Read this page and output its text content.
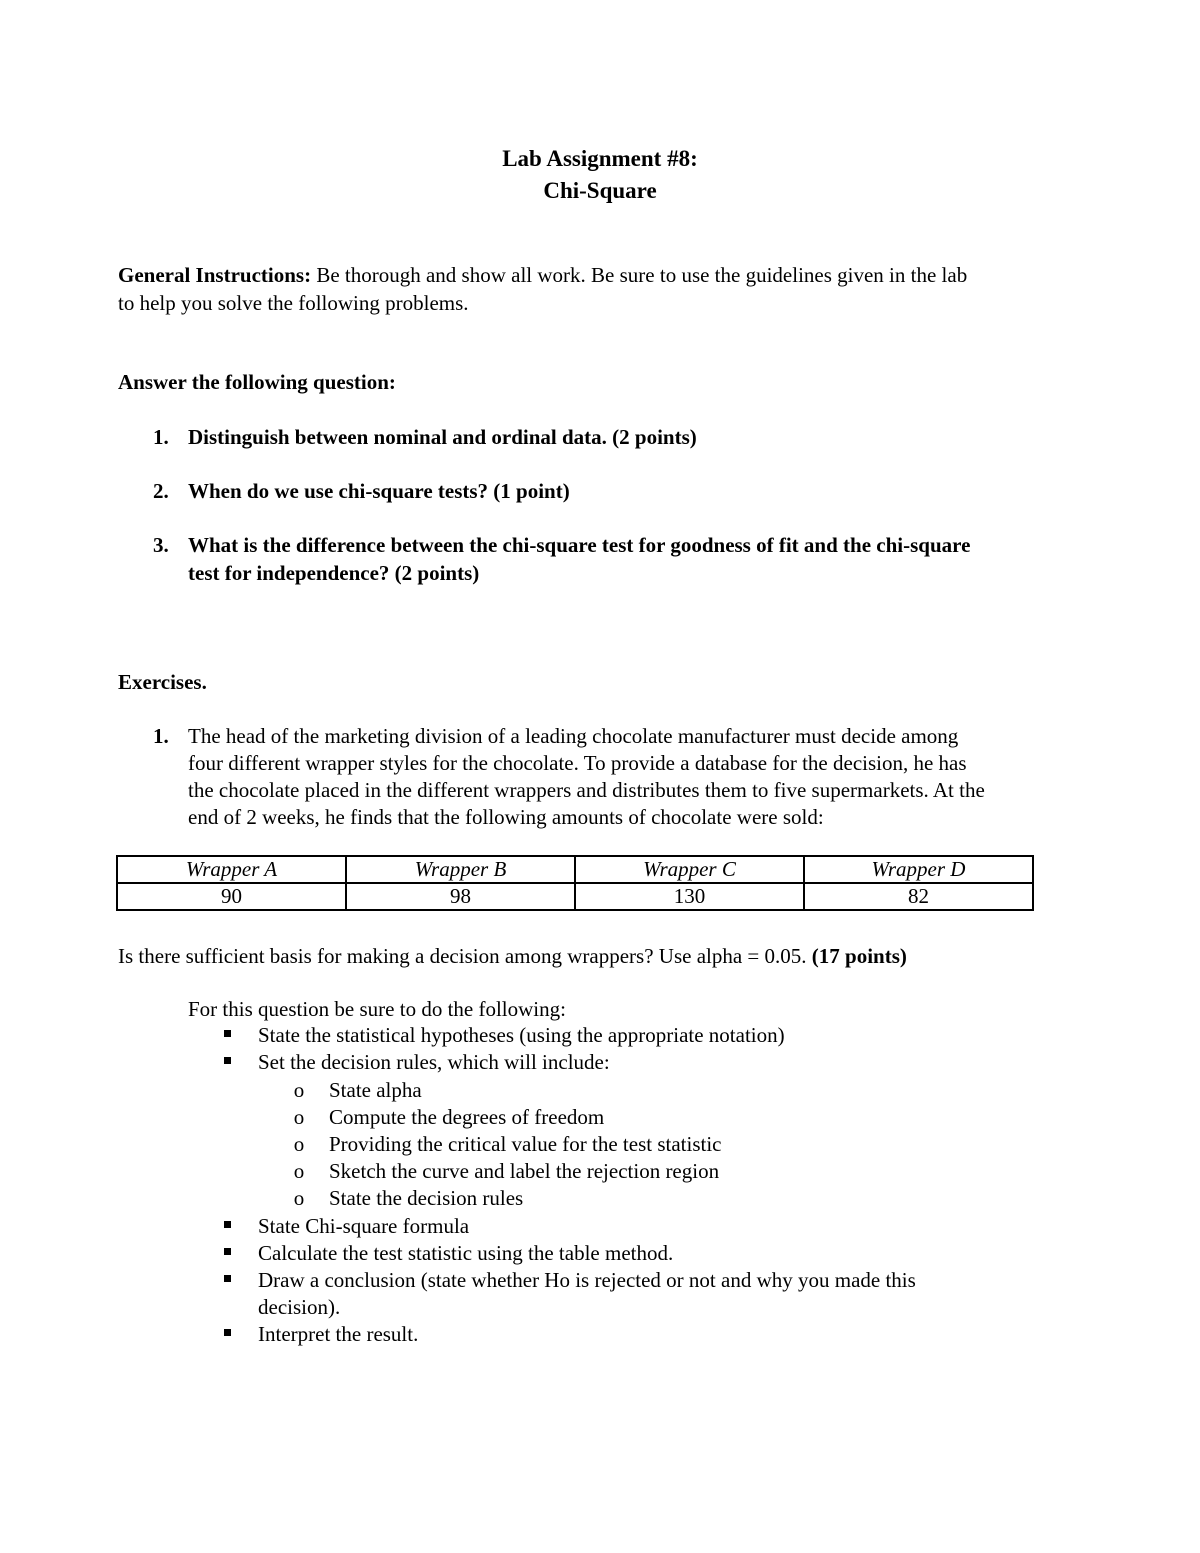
Lab Assignment #8:
Chi-Square
General Instructions: Be thorough and show all work. Be sure to use the guidelines given in the lab
to help you solve the following problems.
Answer the following question:
1. Distinguish between nominal and ordinal data. (2 points)
2. When do we use chi-square tests? (1 point)
3. What is the difference between the chi-square test for goodness of fit and the chi-square
test for independence? (2 points)
Exercises.
1. The head of the marketing division of a leading chocolate manufacturer must decide among
four different wrapper styles for the chocolate. To provide a database for the decision, he has
the chocolate placed in the different wrappers and distributes them to five supermarkets. At the
end of 2 weeks, he finds that the following amounts of chocolate were sold:
Wrapper A	Wrapper B	Wrapper C	Wrapper D
90	98	130	82
Is there sufficient basis for making a decision among wrappers? Use alpha = 0.05. (17 points)
For this question be sure to do the following:
State the statistical hypotheses (using the appropriate notation)
Set the decision rules, which will include:
o State alpha
o Compute the degrees of freedom
o Providing the critical value for the test statistic
o Sketch the curve and label the rejection region
o State the decision rules
State Chi-square formula
Calculate the test statistic using the table method.
Draw a conclusion (state whether Ho is rejected or not and why you made this
decision).
Interpret the result.
